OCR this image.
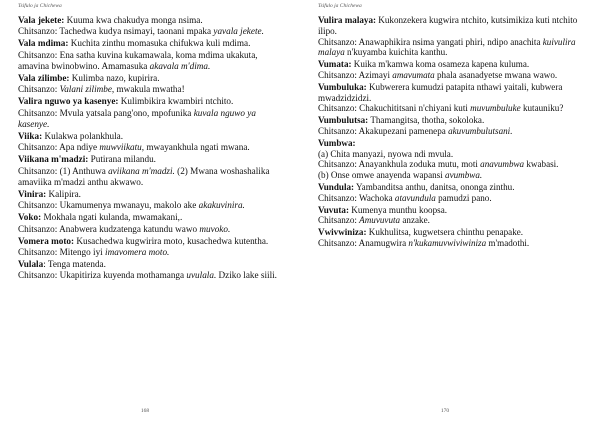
Tsifulo ja Chichewa
Vala jekete: Kuuma kwa chakudya monga nsima.
Chitsanzo: Tachedwa kudya nsimayi, taonani mpaka yavala jekete.
Vala mdima: Kuchita zinthu momasuka chifukwa kuli mdima.
Chitsanzo: Ena satha kuvina kukamawala, koma mdima ukakuta, amavina bwinobwino. Amamasuka akavala m'dima.
Vala zilimbe: Kulimba nazo, kupirira.
Chitsanzo: Valani zilimbe, mwakula mwatha!
Valira nguwo ya kasenye: Kulimbikira kwambiri ntchito.
Chitsanzo: Mvula yatsala pang'ono, mpofunika kuvala nguwo ya kasenye.
Viika: Kulakwa polankhula.
Chitsanzo: Apa ndiye muwviikatu, mwayankhula ngati mwana.
Viikana m'madzi: Putirana milandu.
Chitsanzo: (1) Anthuwa aviikana m'madzi. (2) Mwana woshashalika amaviika m'madzi anthu akwawo.
Vinira: Kalipira.
Chitsanzo: Ukamumenya mwanayu, makolo ake akakuvinira.
Voko: Mokhala ngati kulanda, mwamakani,.
Chitsanzo: Anabwera kudzatenga katundu wawo muvoko.
Vomera moto: Kusachedwa kugwirira moto, kusachedwa kutentha.
Chitsanzo: Mitengo iyi imavomera moto.
Vulala: Tenga matenda.
Chitsanzo: Ukapitiriza kuyenda mothamanga uvulala. Dziko lake siili.
168
Tsifulo ja Chichewa
Vulira malaya: Kukonzekera kugwira ntchito, kutsimikiza kuti ntchito ilipo.
Chitsanzo: Anawaphikira nsima yangati phiri, ndipo anachita kuivulira malaya n'kuyamba kuichita kanthu.
Vumata: Kuika m'kamwa koma osameza kapena kuluma.
Chitsanzo: Azimayi amavumata phala asanadyetse mwana wawo.
Vumbuluka: Kubwerera kumudzi patapita nthawi yaitali, kubwera mwadzidzidzi.
Chitsanzo: Chakuchititsani n'chiyani kuti muvumbuluke kutauniku?
Vumbulutsa: Thamangitsa, thotha, sokoloka.
Chitsanzo: Akakupezani pamenepa akuvumbulutsani.
Vumbwa:
(a) Chita manyazi, nyowa ndi mvula.
Chitsanzo: Anayankhula zoduka mutu, moti anavumbwa kwabasi.
(b) Onse omwe anayenda wapansi avumbwa.
Vundula: Yambanditsa anthu, danitsa, ononga zinthu.
Chitsanzo: Wachoka atavundula pamudzi pano.
Vuvuta: Kumenya munthu koopsa.
Chitsanzo: Amuvuvuta anzake.
Vwivwiniza: Kukhulitsa, kugwetsera chinthu penapake.
Chitsanzo: Anamugwira n'kukamuvwiviwiniza m'madothi.
170
